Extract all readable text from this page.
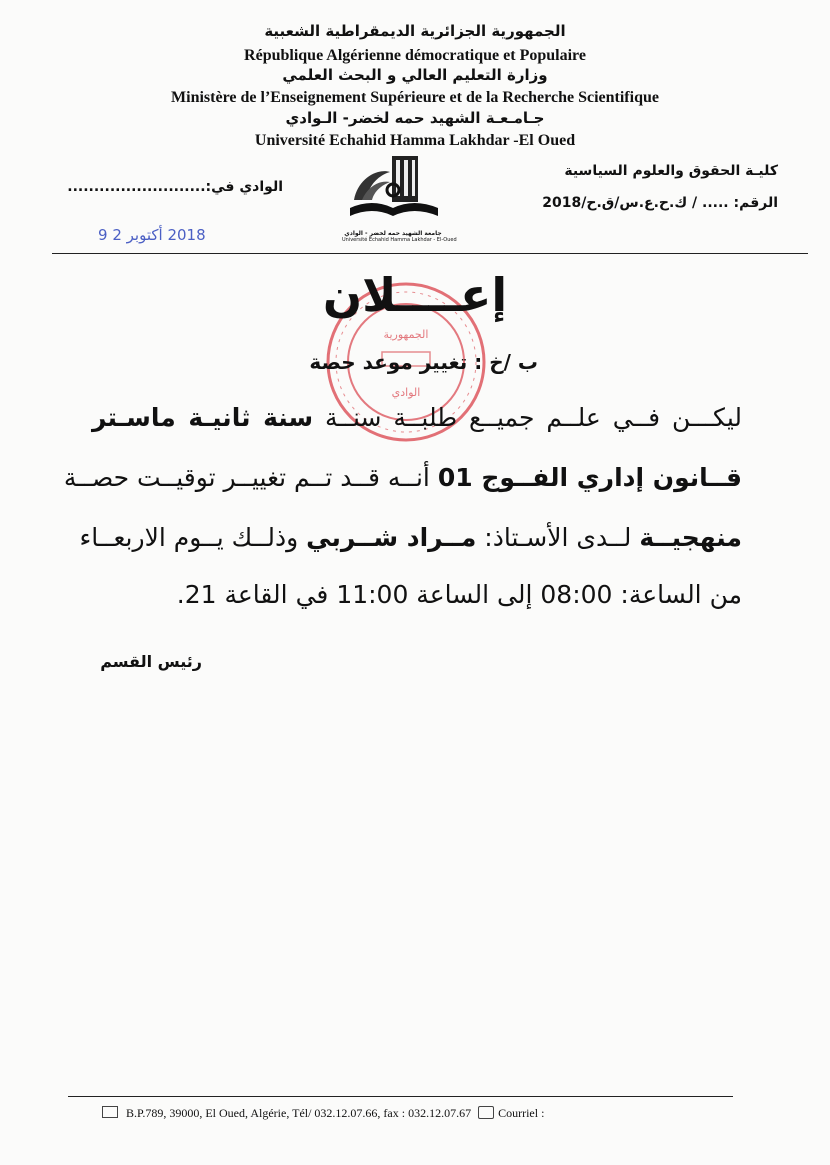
الجمهورية الجزائرية الديمقراطية الشعبية
République Algérienne démocratique et Populaire
وزارة التعليم العالي و البحث العلمي
Ministère de l’Enseignement Supérieure et de la Recherche Scientifique
جـامـعـة الشهيد حمه لخضر- الـوادي
Université Echahid Hamma Lakhdar -El Oued
كليـة الحقوق والعلوم السياسية
الرقم: ..... / ك.ح.ع.س/ق.ح/2018
الوادي في:..........................
2018 أكتوبر 2 9	جامعة الشهيد حمه لخضر - الوادي
Université Echahid Hamma Lakhdar - El-Oued
الجمهورية
الوادي
إعــــلان
ب /خ : تغيير موعد حصة
ليكـــن فــي علــم جميــع طلبــة سنــة سنة ثانيـة ماسـتر
قــانون إداري الفــوج 01 أنــه قــد تــم تغييــر توقيــت حصــة
منهجيــة لــدى الأسـتاذ: مــراد شــربي وذلــك يــوم الاربعــاء
من الساعة: 08:00 إلى الساعة 11:00 في القاعة 21.
رئيس القسم
B.P.789, 39000, El Oued, Algérie, Tél/ 032.12.07.66, fax : 032.12.07.67 Courriel :
